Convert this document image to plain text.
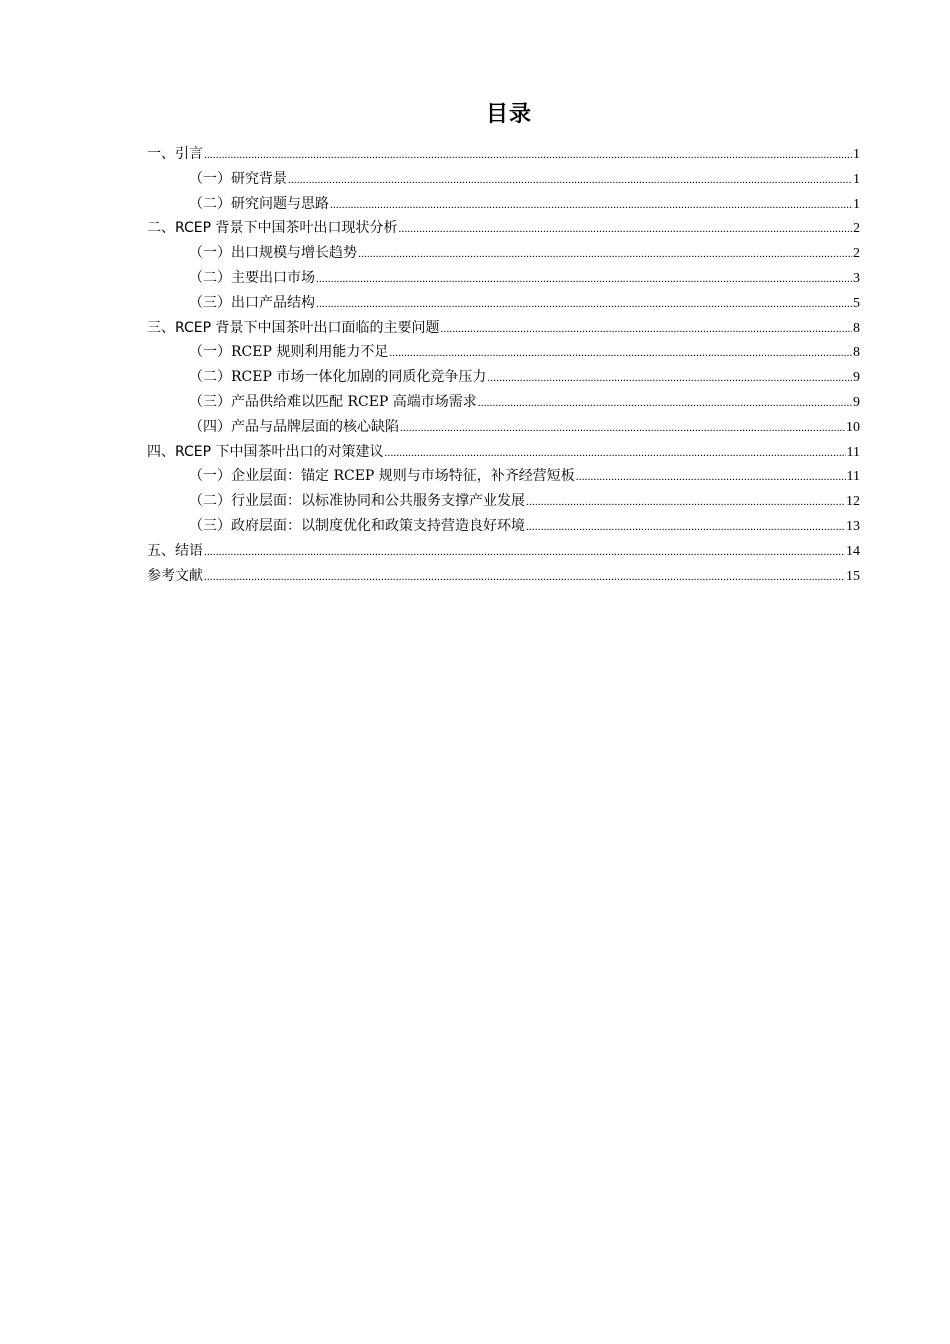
目录
一、引言 .....	1
（一）研究背景 .....	1
（二）研究问题与思路 .....	1
二、RCEP 背景下中国茶叶出口现状分析 .....	2
（一）出口规模与增长趋势 .....	2
（二）主要出口市场 .....	3
（三）出口产品结构 .....	5
三、RCEP 背景下中国茶叶出口面临的主要问题 .....	8
（一）RCEP 规则利用能力不足 .....	8
（二）RCEP 市场一体化加剧的同质化竞争压力 .....	9
（三）产品供给难以匹配 RCEP 高端市场需求 .....	9
（四）产品与品牌层面的核心缺陷 .....	10
四、RCEP 下中国茶叶出口的对策建议 .....	11
（一）企业层面：锚定 RCEP 规则与市场特征，补齐经营短板 .....	11
（二）行业层面：以标准协同和公共服务支撑产业发展 .....	12
（三）政府层面：以制度优化和政策支持营造良好环境 .....	13
五、结语 .....	14
参考文献 .....	15
